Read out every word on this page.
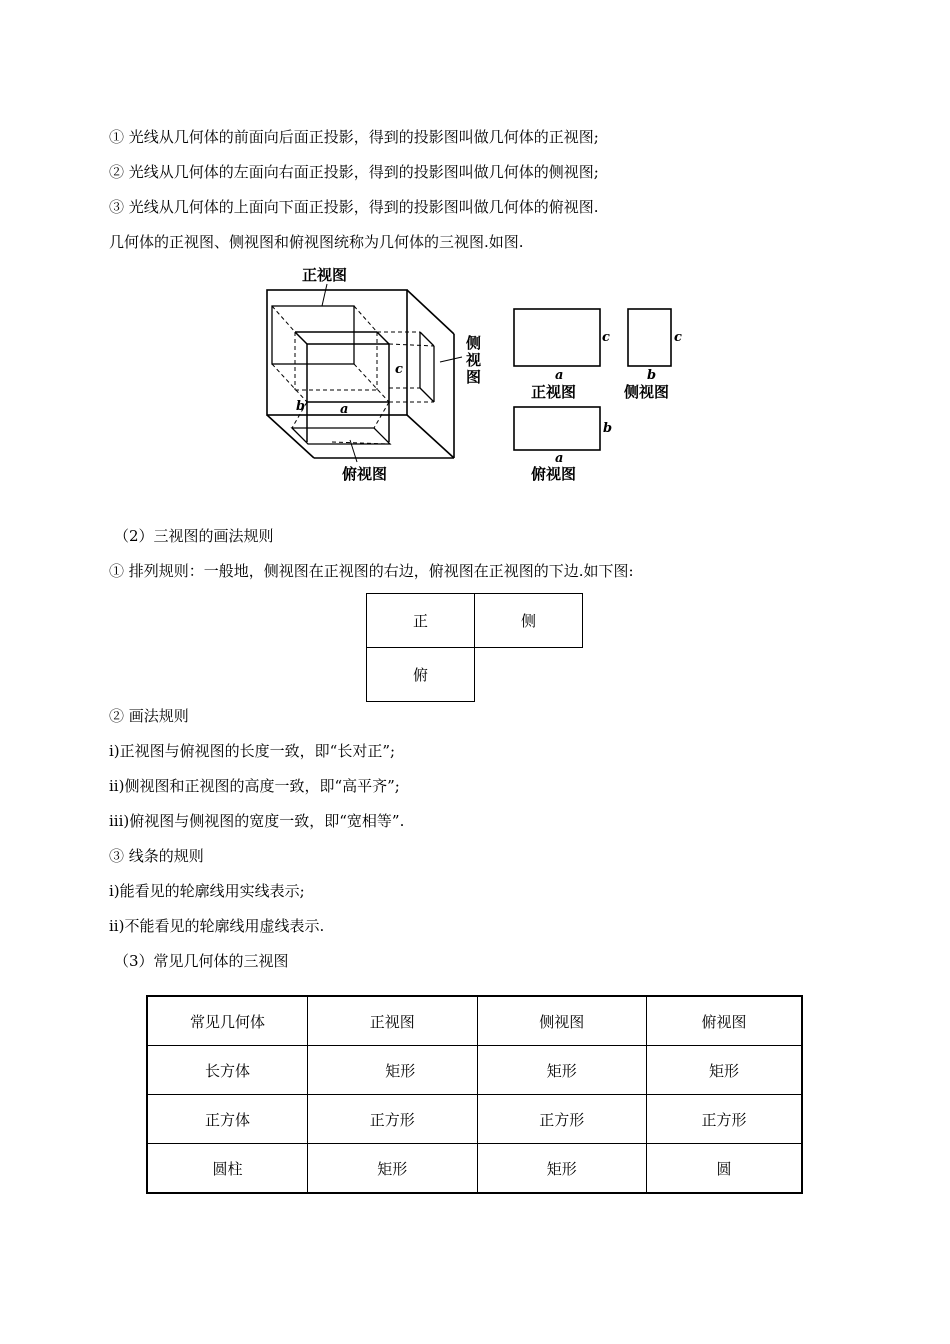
① 光线从几何体的前面向后面正投影，得到的投影图叫做几何体的正视图;
② 光线从几何体的左面向右面正投影，得到的投影图叫做几何体的侧视图;
③ 光线从几何体的上面向下面正投影，得到的投影图叫做几何体的俯视图.
几何体的正视图、侧视图和俯视图统称为几何体的三视图.如图.
正视图
侧
视
图
俯视图
b	a
c
c
a
正视图
c
b
侧视图
b
a
俯视图
（2）三视图的画法规则
① 排列规则：一般地，侧视图在正视图的右边，俯视图在正视图的下边.如下图:
正	侧
俯	
② 画法规则
i)正视图与俯视图的长度一致，即“长对正”;
ii)侧视图和正视图的高度一致，即“高平齐”;
iii)俯视图与侧视图的宽度一致，即“宽相等”.
③ 线条的规则
i)能看见的轮廓线用实线表示;
ii)不能看见的轮廓线用虚线表示.
（3）常见几何体的三视图
常见几何体	正视图	侧视图	俯视图
长方体	矩形	矩形	矩形
正方体	正方形	正方形	正方形
圆柱	矩形	矩形	圆
